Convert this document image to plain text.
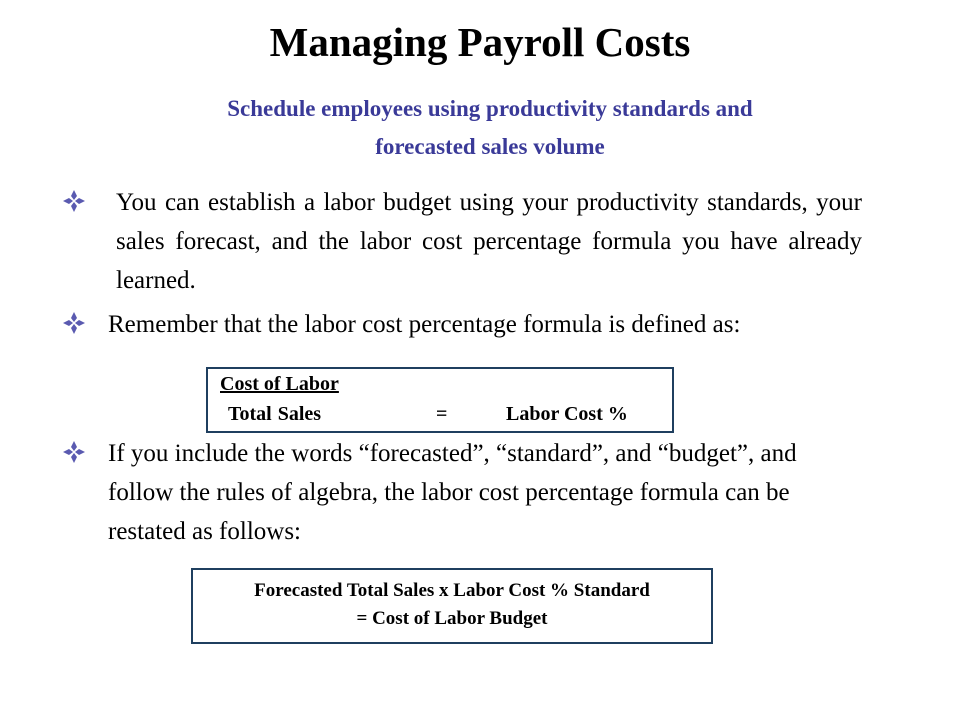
Managing Payroll Costs
Schedule employees using productivity standards and
forecasted sales volume
You can establish a labor budget using your productivity standards, your sales forecast, and the labor cost percentage formula you have already learned.
Remember that the labor cost percentage formula is defined as:
Cost of Labor
Total Sales	=	Labor Cost %
If you include the words “forecasted”, “standard”, and “budget”, and follow the rules of algebra, the labor cost percentage formula can be restated as follows:
Forecasted Total Sales x Labor Cost % Standard
= Cost of Labor Budget
